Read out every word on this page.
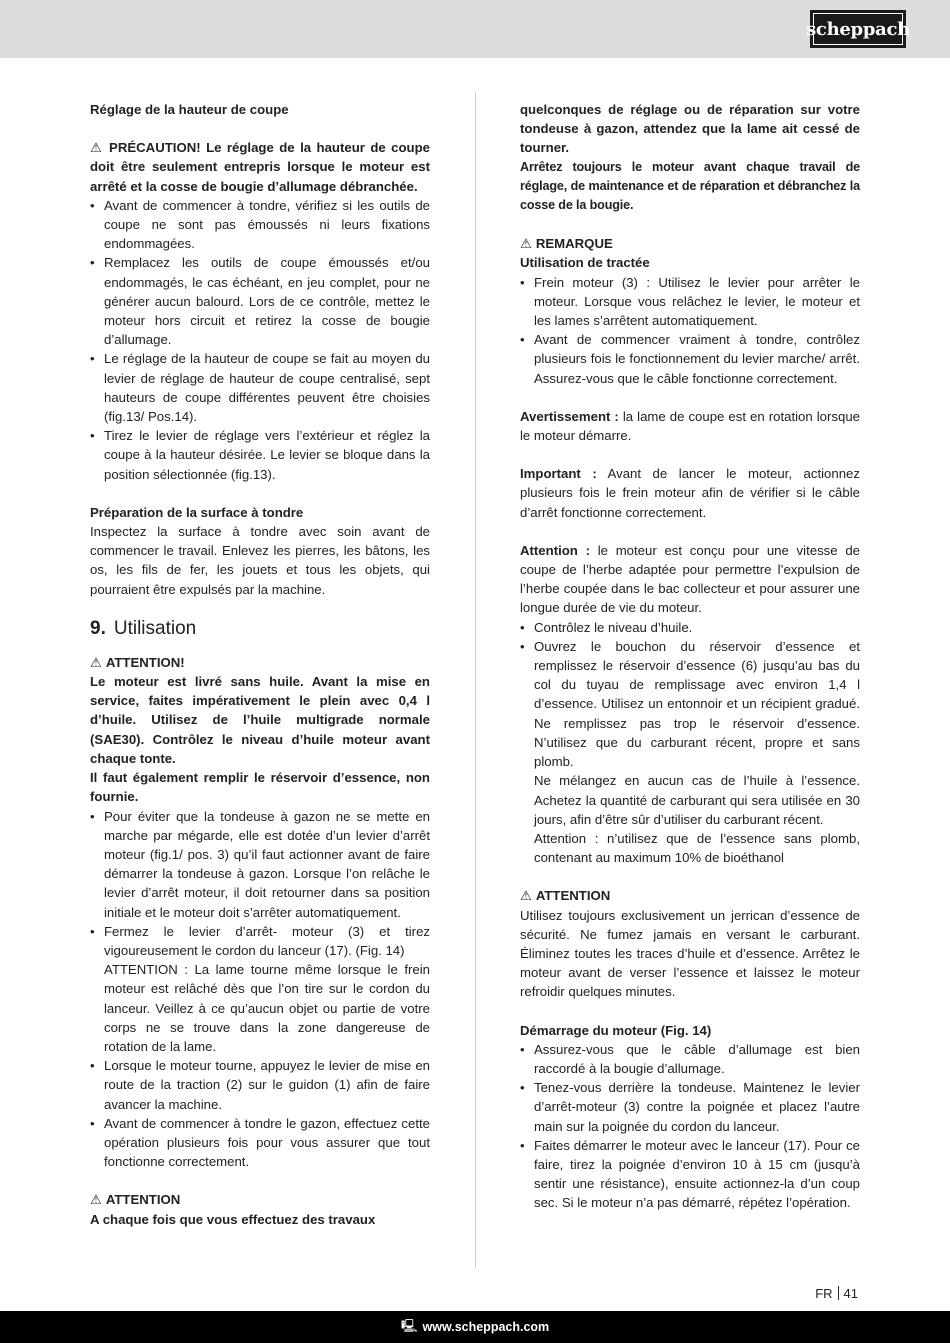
scheppach

Réglage de la hauteur de coupe

⚠ PRÉCAUTION! Le réglage de la hauteur de coupe doit être seulement entrepris lorsque le moteur est arrêté et la cosse de bougie d’allumage débranchée.

• Avant de commencer à tondre, vérifiez si les outils de coupe ne sont pas émoussés ni leurs fixations endommagées.
• Remplacez les outils de coupe émoussés et/ou endommagés, le cas échéant, en jeu complet, pour ne générer aucun balourd. Lors de ce contrôle, mettez le moteur hors circuit et retirez la cosse de bougie d’allumage.
• Le réglage de la hauteur de coupe se fait au moyen du levier de réglage de hauteur de coupe centralisé, sept hauteurs de coupe différentes peuvent être choisies (fig.13/ Pos.14).
• Tirez le levier de réglage vers l’extérieur et réglez la coupe à la hauteur désirée. Le levier se bloque dans la position sélectionnée (fig.13).

Préparation de la surface à tondre

Inspectez la surface à tondre avec soin avant de commencer le travail. Enlevez les pierres, les bâtons, les os, les fils de fer, les jouets et tous les objets, qui pourraient être expulsés par la machine.

9. Utilisation

⚠ ATTENTION!

Le moteur est livré sans huile. Avant la mise en service, faites impérativement le plein avec 0,4 l d’huile. Utilisez de l’huile multigrade normale (SAE30). Contrôlez le niveau d’huile moteur avant chaque tonte.

Il faut également remplir le réservoir d’essence, non fournie.

• Pour éviter que la tondeuse à gazon ne se mette en marche par mégarde, elle est dotée d’un levier d’arrêt moteur (fig.1/ pos. 3) qu’il faut actionner avant de faire démarrer la tondeuse à gazon. Lorsque l’on relâche le levier d’arrêt moteur, il doit retourner dans sa position initiale et le moteur doit s’arrêter automatiquement.
• Fermez le levier d’arrêt- moteur (3) et tirez vigoureusement le cordon du lanceur (17). (Fig. 14)
ATTENTION : La lame tourne même lorsque le frein moteur est relâché dès que l’on tire sur le cordon du lanceur. Veillez à ce qu’aucun objet ou partie de votre corps ne se trouve dans la zone dangereuse de rotation de la lame.
• Lorsque le moteur tourne, appuyez le levier de mise en route de la traction (2) sur le guidon (1) afin de faire avancer la machine.
• Avant de commencer à tondre le gazon, effectuez cette opération plusieurs fois pour vous assurer que tout fonctionne correctement.

⚠ ATTENTION

A chaque fois que vous effectuez des travaux

quelconques de réglage ou de réparation sur votre tondeuse à gazon, attendez que la lame ait cessé de tourner.

Arrêtez toujours le moteur avant chaque travail de réglage, de maintenance et de réparation et débranchez la cosse de la bougie.

⚠ REMARQUE

Utilisation de tractée

• Frein moteur (3) : Utilisez le levier pour arrêter le moteur. Lorsque vous relâchez le levier, le moteur et les lames s’arrêtent automatiquement.
• Avant de commencer vraiment à tondre, contrôlez plusieurs fois le fonctionnement du levier marche/ arrêt. Assurez-vous que le câble fonctionne correctement.

Avertissement : la lame de coupe est en rotation lorsque le moteur démarre.

Important : Avant de lancer le moteur, actionnez plusieurs fois le frein moteur afin de vérifier si le câble d’arrêt fonctionne correctement.

Attention : le moteur est conçu pour une vitesse de coupe de l’herbe adaptée pour permettre l’expulsion de l’herbe coupée dans le bac collecteur et pour assurer une longue durée de vie du moteur.

• Contrôlez le niveau d’huile.
• Ouvrez le bouchon du réservoir d’essence et remplissez le réservoir d’essence (6) jusqu’au bas du col du tuyau de remplissage avec environ 1,4 l d’essence. Utilisez un entonnoir et un récipient gradué. Ne remplissez pas trop le réservoir d’essence. N’utilisez que du carburant récent, propre et sans plomb.
Ne mélangez en aucun cas de l’huile à l’essence. Achetez la quantité de carburant qui sera utilisée en 30 jours, afin d’être sûr d’utiliser du carburant récent.
Attention : n’utilisez que de l’essence sans plomb, contenant au maximum 10% de bioéthanol

⚠ ATTENTION

Utilisez toujours exclusivement un jerrican d’essence de sécurité. Ne fumez jamais en versant le carburant. Éliminez toutes les traces d’huile et d’essence. Arrêtez le moteur avant de verser l’essence et laissez le moteur refroidir quelques minutes.

Démarrage du moteur (Fig. 14)

• Assurez-vous que le câble d’allumage est bien raccordé à la bougie d’allumage.
• Tenez-vous derrière la tondeuse. Maintenez le levier d’arrêt-moteur (3) contre la poignée et placez l’autre main sur la poignée du cordon du lanceur.
• Faites démarrer le moteur avec le lanceur (17). Pour ce faire, tirez la poignée d’environ 10 à 15 cm (jusqu’à sentir une résistance), ensuite actionnez-la d’un coup sec. Si le moteur n’a pas démarré, répétez l’opération.
FR 41
🖳 www.scheppach.com
